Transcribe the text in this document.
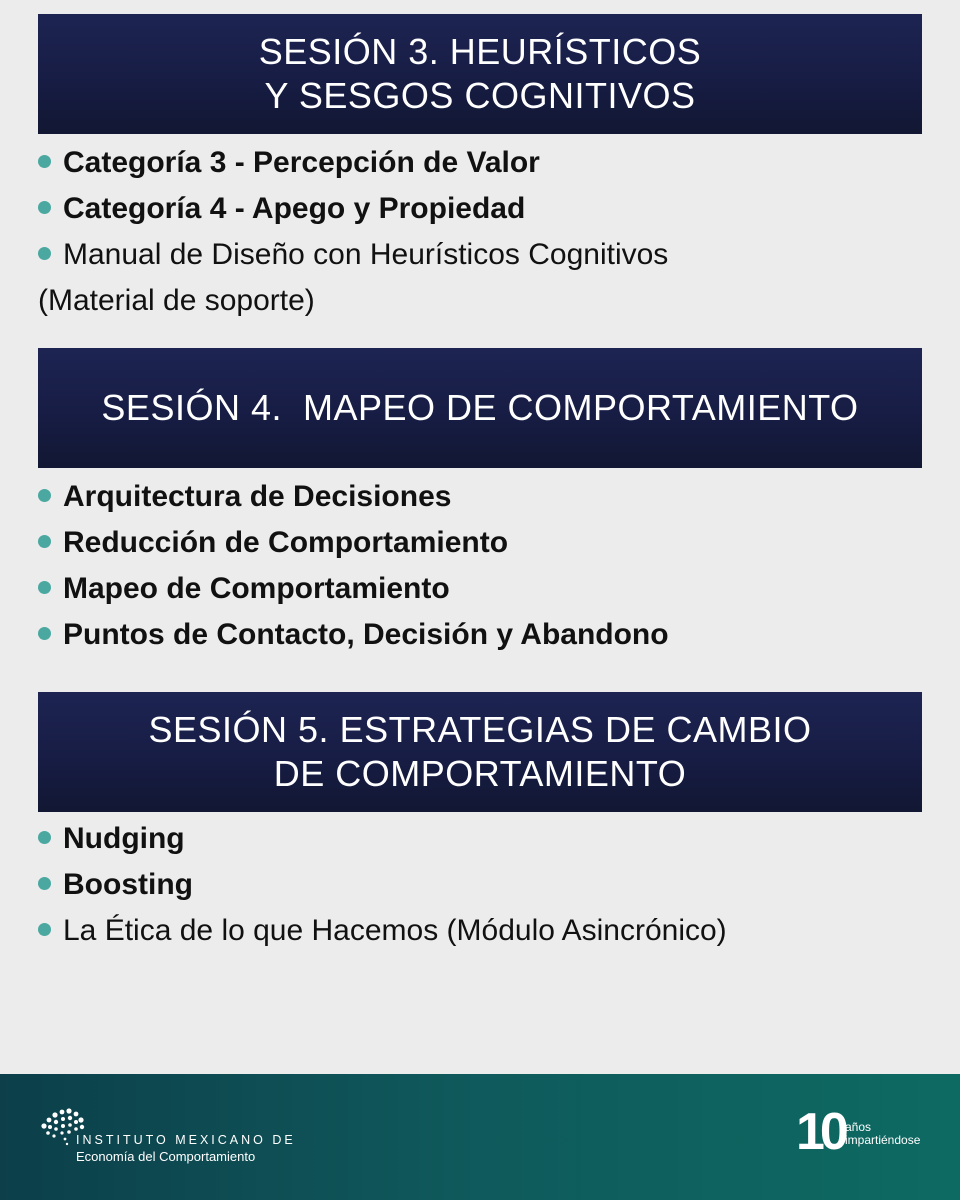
SESIÓN 3. HEURÍSTICOS
Y SESGOS COGNITIVOS
Categoría 3 - Percepción de Valor
Categoría 4 - Apego y Propiedad
Manual de Diseño con Heurísticos Cognitivos
(Material de soporte)
SESIÓN 4.  MAPEO DE COMPORTAMIENTO
Arquitectura de Decisiones
Reducción de Comportamiento
Mapeo de Comportamiento
Puntos de Contacto, Decisión y Abandono
SESIÓN 5. ESTRATEGIAS DE CAMBIO
DE COMPORTAMIENTO
Nudging
Boosting
La Ética de lo que Hacemos (Módulo Asincrónico)
INSTITUTO MEXICANO DE
Economía del Comportamiento	10 años
impartiéndose
